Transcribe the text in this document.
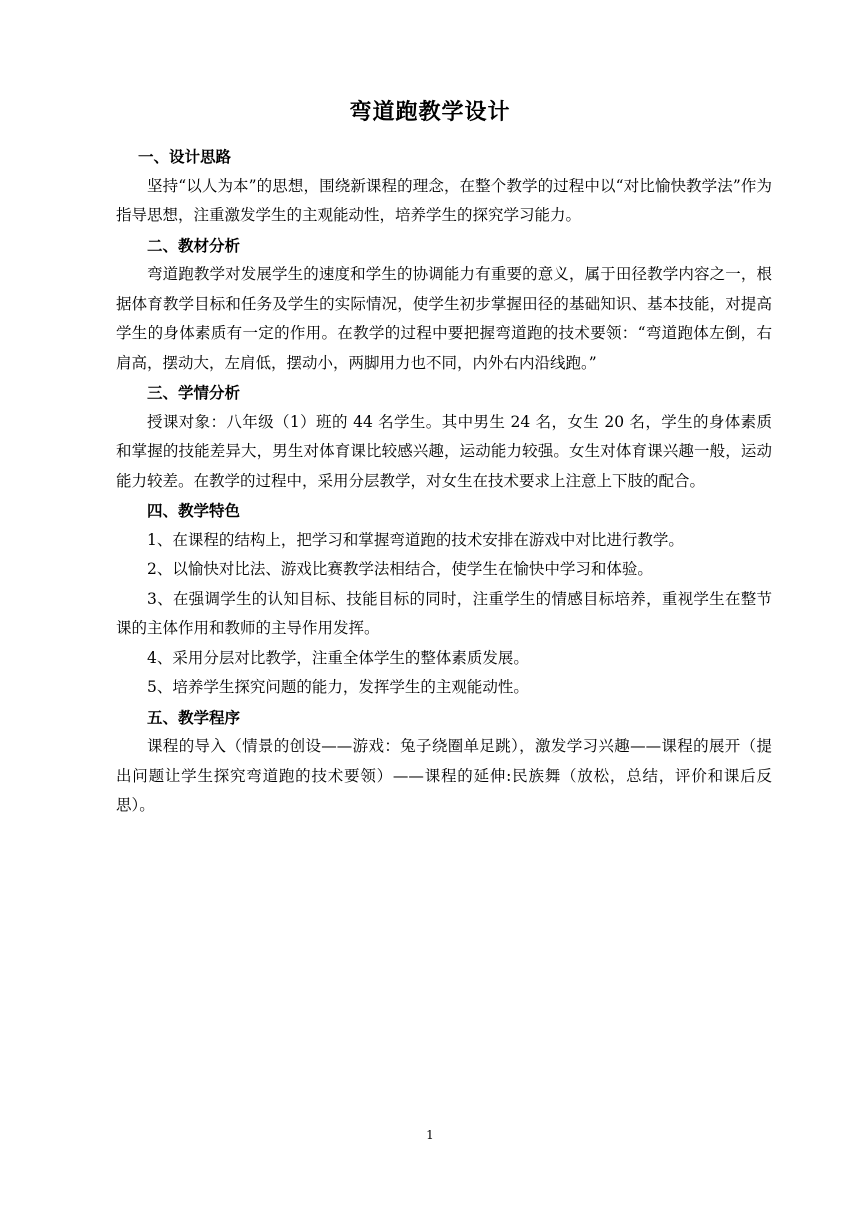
弯道跑教学设计
一、设计思路
坚持“以人为本”的思想，围绕新课程的理念，在整个教学的过程中以“对比愉快教学法”作为指导思想，注重激发学生的主观能动性，培养学生的探究学习能力。
二、教材分析
弯道跑教学对发展学生的速度和学生的协调能力有重要的意义，属于田径教学内容之一，根据体育教学目标和任务及学生的实际情况，使学生初步掌握田径的基础知识、基本技能，对提高学生的身体素质有一定的作用。在教学的过程中要把握弯道跑的技术要领：“弯道跑体左倒，右肩高，摆动大，左肩低，摆动小，两脚用力也不同，内外右内沿线跑。”
三、学情分析
授课对象：八年级（1）班的 44 名学生。其中男生 24 名，女生 20 名，学生的身体素质和掌握的技能差异大，男生对体育课比较感兴趣，运动能力较强。女生对体育课兴趣一般，运动能力较差。在教学的过程中，采用分层教学，对女生在技术要求上注意上下肢的配合。
四、教学特色
1、在课程的结构上，把学习和掌握弯道跑的技术安排在游戏中对比进行教学。
2、以愉快对比法、游戏比赛教学法相结合，使学生在愉快中学习和体验。
3、在强调学生的认知目标、技能目标的同时，注重学生的情感目标培养，重视学生在整节课的主体作用和教师的主导作用发挥。
4、采用分层对比教学，注重全体学生的整体素质发展。
5、培养学生探究问题的能力，发挥学生的主观能动性。
五、教学程序
课程的导入（情景的创设——游戏：兔子绕圈单足跳），激发学习兴趣——课程的展开（提出问题让学生探究弯道跑的技术要领）——课程的延伸:民族舞（放松，总结，评价和课后反思）。
1
